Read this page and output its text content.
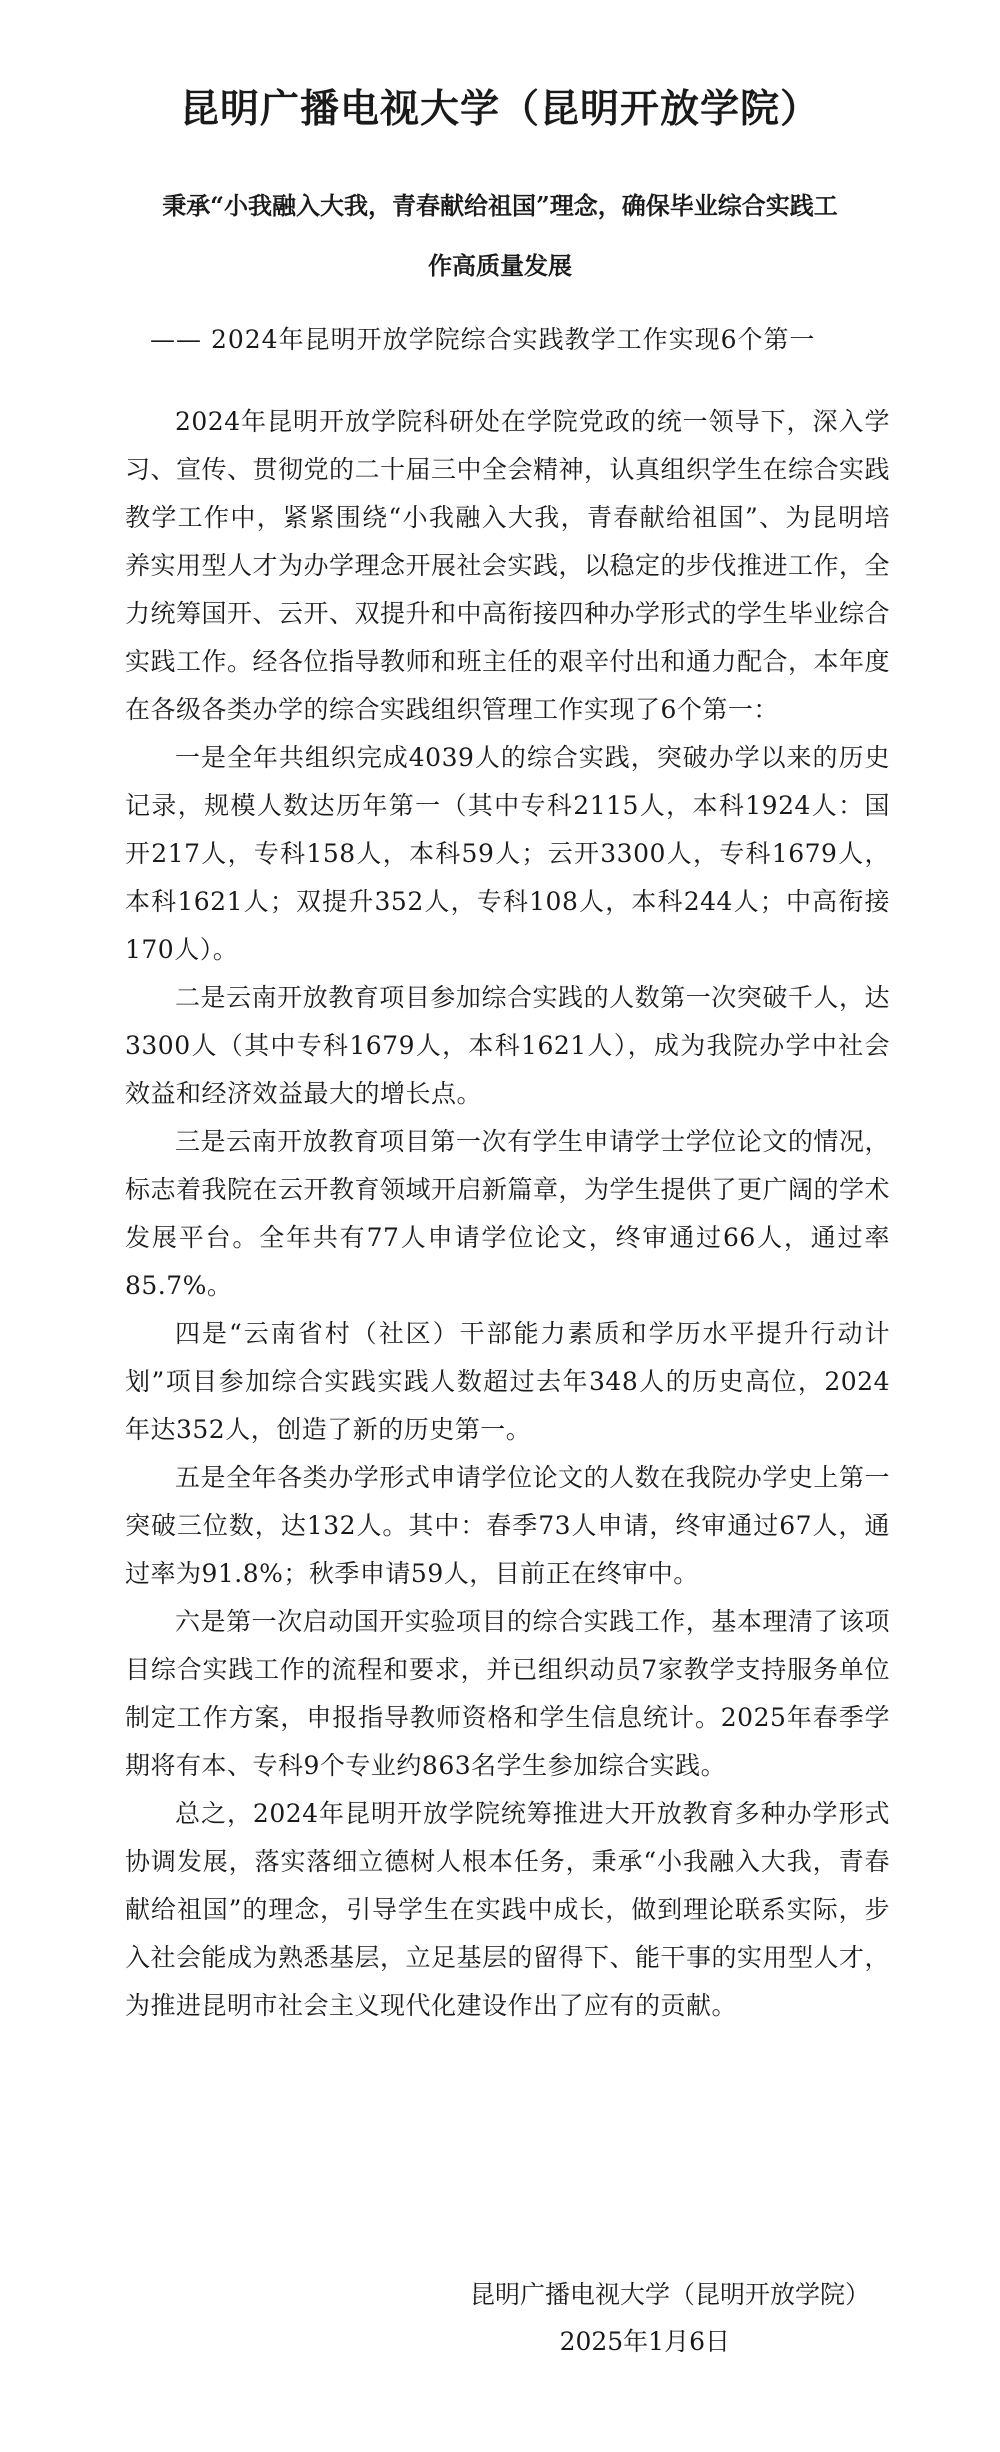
昆明广播电视大学（昆明开放学院）

秉承“小我融入大我，青春献给祖国”理念，确保毕业综合实践工作高质量发展

—— 2024年昆明开放学院综合实践教学工作实现6个第一

2024年昆明开放学院科研处在学院党政的统一领导下，深入学习、宣传、贯彻党的二十届三中全会精神，认真组织学生在综合实践教学工作中，紧紧围绕“小我融入大我，青春献给祖国”、为昆明培养实用型人才为办学理念开展社会实践，以稳定的步伐推进工作，全力统筹国开、云开、双提升和中高衔接四种办学形式的学生毕业综合实践工作。经各位指导教师和班主任的艰辛付出和通力配合，本年度在各级各类办学的综合实践组织管理工作实现了6个第一：

一是全年共组织完成4039人的综合实践，突破办学以来的历史记录，规模人数达历年第一（其中专科2115人，本科1924人：国开217人，专科158人，本科59人；云开3300人，专科1679人，本科1621人；双提升352人，专科108人，本科244人；中高衔接170人）。

二是云南开放教育项目参加综合实践的人数第一次突破千人，达3300人（其中专科1679人，本科1621人），成为我院办学中社会效益和经济效益最大的增长点。

三是云南开放教育项目第一次有学生申请学士学位论文的情况，标志着我院在云开教育领域开启新篇章，为学生提供了更广阔的学术发展平台。全年共有77人申请学位论文，终审通过66人，通过率85.7%。

四是“云南省村（社区）干部能力素质和学历水平提升行动计划”项目参加综合实践实践人数超过去年348人的历史高位，2024年达352人，创造了新的历史第一。

五是全年各类办学形式申请学位论文的人数在我院办学史上第一突破三位数，达132人。其中：春季73人申请，终审通过67人，通过率为91.8%；秋季申请59人，目前正在终审中。

六是第一次启动国开实验项目的综合实践工作，基本理清了该项目综合实践工作的流程和要求，并已组织动员7家教学支持服务单位制定工作方案，申报指导教师资格和学生信息统计。2025年春季学期将有本、专科9个专业约863名学生参加综合实践。

总之，2024年昆明开放学院统筹推进大开放教育多种办学形式协调发展，落实落细立德树人根本任务，秉承“小我融入大我，青春献给祖国”的理念，引导学生在实践中成长，做到理论联系实际，步入社会能成为熟悉基层，立足基层的留得下、能干事的实用型人才，为推进昆明市社会主义现代化建设作出了应有的贡献。

昆明广播电视大学（昆明开放学院）

2025年1月6日
